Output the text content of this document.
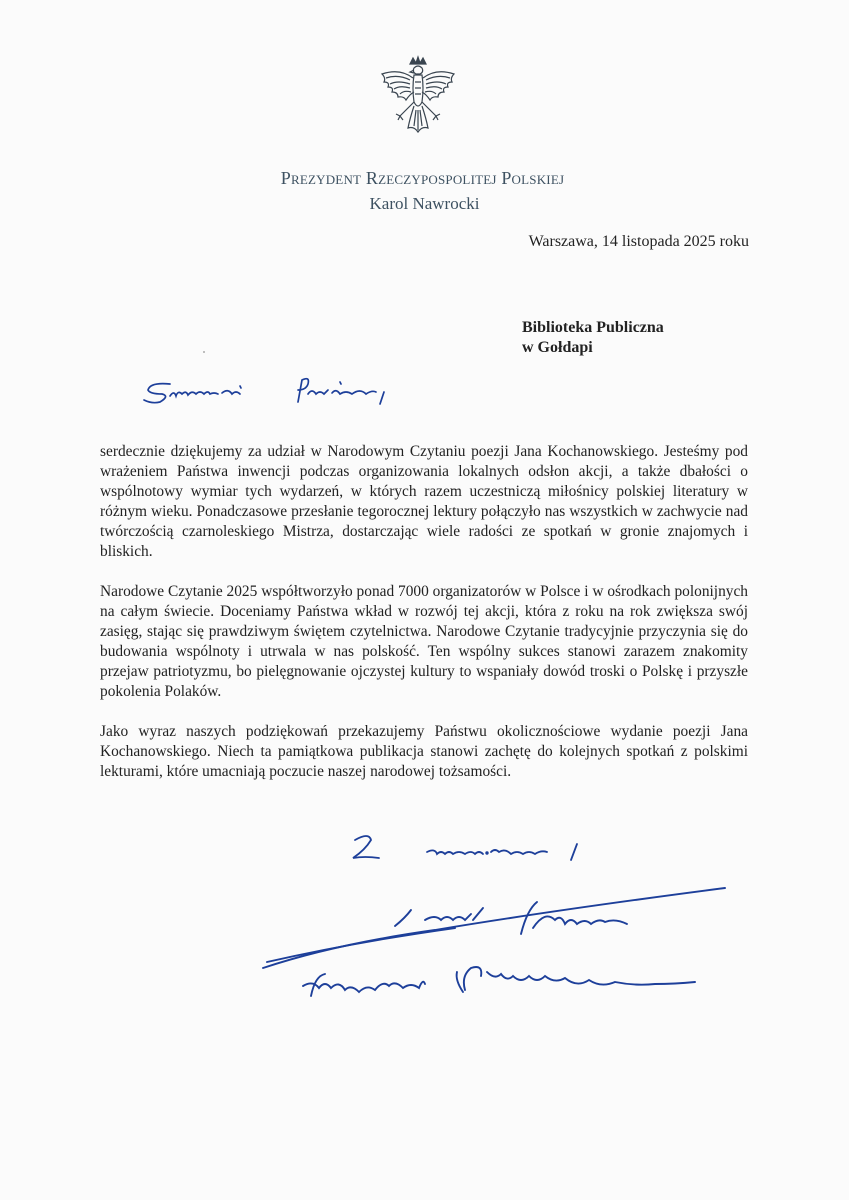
Prezydent Rzeczypospolitej Polskiej
Karol Nawrocki
Warszawa, 14 listopada 2025 roku
Biblioteka Publiczna
w Gołdapi
Szanowni Państwo,

serdecznie dziękujemy za udział w Narodowym Czytaniu poezji Jana Kochanowskiego. Jesteśmy pod wrażeniem Państwa inwencji podczas organizowania lokalnych odsłon akcji, a także dbałości o wspólnotowy wymiar tych wydarzeń, w których razem uczestniczą miłośnicy polskiej literatury w różnym wieku. Ponadczasowe przesłanie tegorocznej lektury połączyło nas wszystkich w zachwycie nad twórczością czarnoleskiego Mistrza, dostarczając wiele radości ze spotkań w gronie znajomych i bliskich.

Narodowe Czytanie 2025 współtworzyło ponad 7000 organizatorów w Polsce i w ośrodkach polonijnych na całym świecie. Doceniamy Państwa wkład w rozwój tej akcji, która z roku na rok zwiększa swój zasięg, stając się prawdziwym świętem czytelnictwa. Narodowe Czytanie tradycyjnie przyczynia się do budowania wspólnoty i utrwala w nas polskość. Ten wspólny sukces stanowi zarazem znakomity przejaw patriotyzmu, bo pielęgnowanie ojczystej kultury to wspaniały dowód troski o Polskę i przyszłe pokolenia Polaków.

Jako wyraz naszych podziękowań przekazujemy Państwu okolicznościowe wydanie poezji Jana Kochanowskiego. Niech ta pamiątkowa publikacja stanowi zachętę do kolejnych spotkań z polskimi lekturami, które umacniają poczucie naszej narodowej tożsamości.

Z szacunkiem,
Karol Nawrocki
